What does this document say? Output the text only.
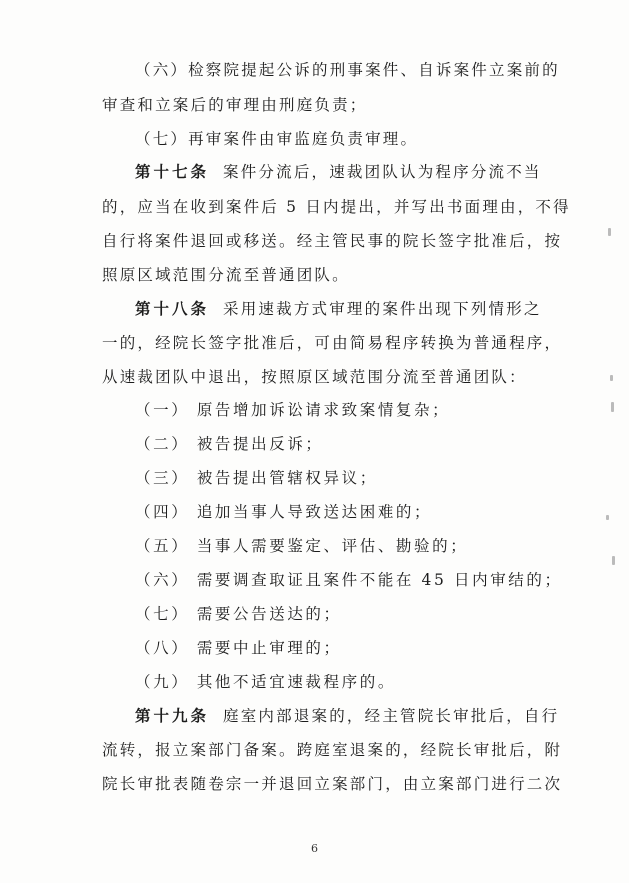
（六）检察院提起公诉的刑事案件、自诉案件立案前的
审查和立案后的审理由刑庭负责；
（七）再审案件由审监庭负责审理。
第十七条 案件分流后，速裁团队认为程序分流不当
的，应当在收到案件后 5 日内提出，并写出书面理由，不得
自行将案件退回或移送。经主管民事的院长签字批准后，按
照原区域范围分流至普通团队。
第十八条 采用速裁方式审理的案件出现下列情形之
一的，经院长签字批准后，可由简易程序转换为普通程序，
从速裁团队中退出，按照原区域范围分流至普通团队：
（一） 原告增加诉讼请求致案情复杂；
（二） 被告提出反诉；
（三） 被告提出管辖权异议；
（四） 追加当事人导致送达困难的；
（五） 当事人需要鉴定、评估、勘验的；
（六） 需要调查取证且案件不能在 45 日内审结的；
（七） 需要公告送达的；
（八） 需要中止审理的；
（九） 其他不适宜速裁程序的。
第十九条 庭室内部退案的，经主管院长审批后，自行
流转，报立案部门备案。跨庭室退案的，经院长审批后，附
院长审批表随卷宗一并退回立案部门，由立案部门进行二次
6
